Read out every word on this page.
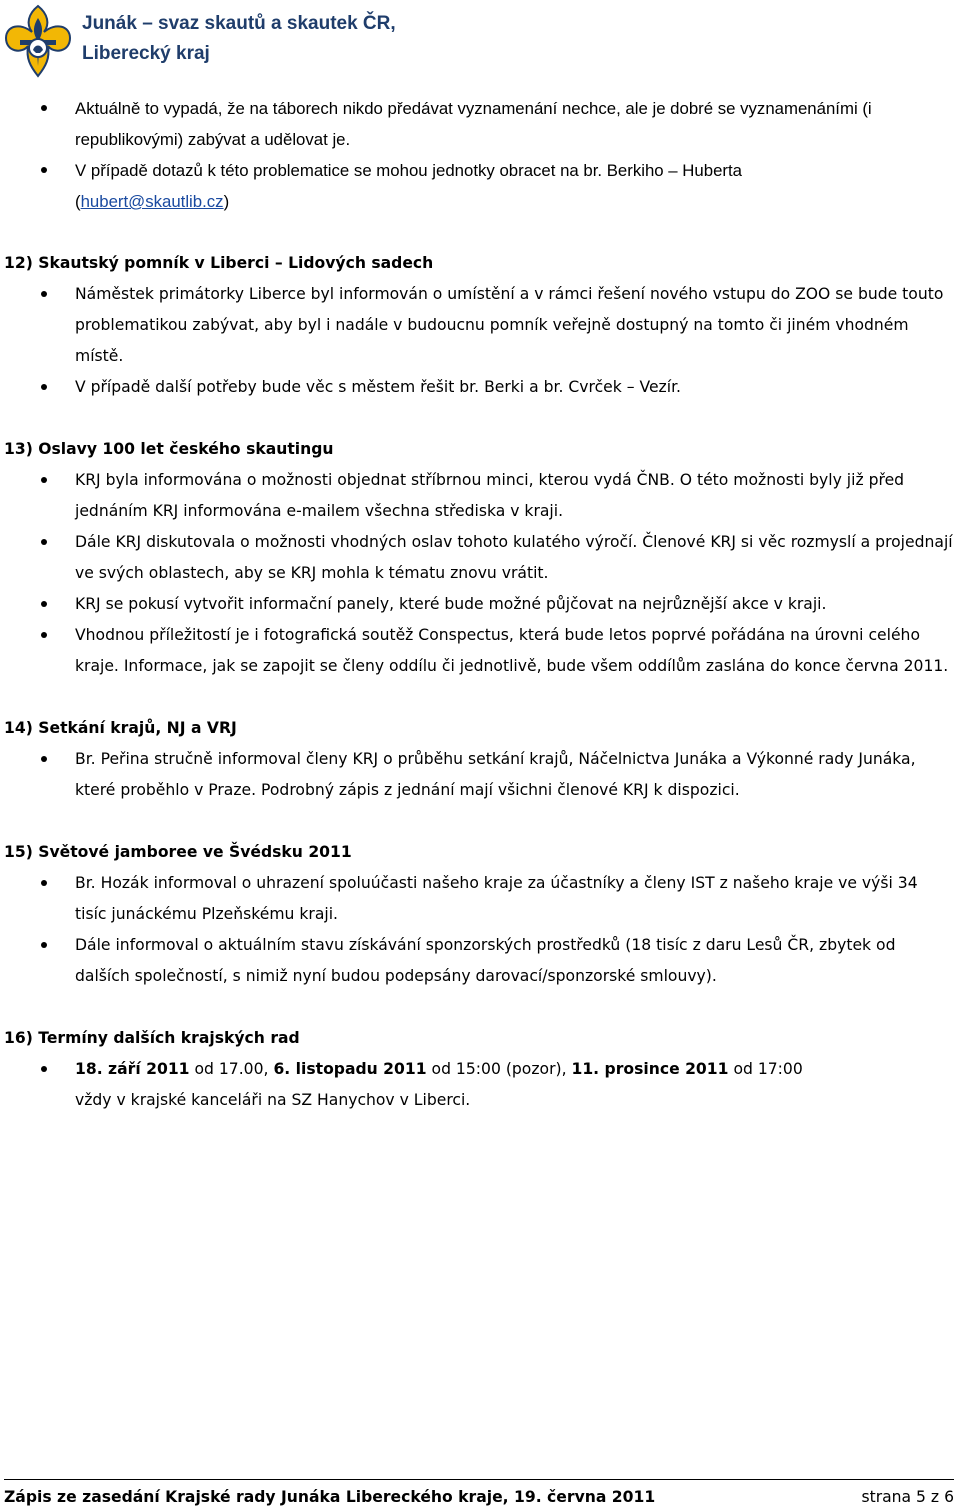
Junák – svaz skautů a skautek ČR,
Liberecký kraj
Aktuálně to vypadá, že na táborech nikdo předávat vyznamenání nechce, ale je dobré se vyznamenáními (i republikovými) zabývat a udělovat je.
V případě dotazů k této problematice se mohou jednotky obracet na br. Berkiho – Huberta
(hubert@skautlib.cz)
12) Skautský pomník v Liberci – Lidových sadech
Náměstek primátorky Liberce byl informován o umístění a v rámci řešení nového vstupu do ZOO se bude touto problematikou zabývat, aby byl i nadále v budoucnu pomník veřejně dostupný na tomto či jiném vhodném místě.
V případě další potřeby bude věc s městem řešit br. Berki a br. Cvrček – Vezír.
13) Oslavy 100 let českého skautingu
KRJ byla informována o možnosti objednat stříbrnou minci, kterou vydá ČNB. O této možnosti byly již před jednáním KRJ informována e-mailem všechna střediska v kraji.
Dále KRJ diskutovala o možnosti vhodných oslav tohoto kulatého výročí. Členové KRJ si věc rozmyslí a projednají ve svých oblastech, aby se KRJ mohla k tématu znovu vrátit.
KRJ se pokusí vytvořit informační panely, které bude možné půjčovat na nejrůznější akce v kraji.
Vhodnou příležitostí je i fotografická soutěž Conspectus, která bude letos poprvé pořádána na úrovni celého kraje. Informace, jak se zapojit se členy oddílu či jednotlivě, bude všem oddílům zaslána do konce června 2011.
14) Setkání krajů, NJ a VRJ
Br. Peřina stručně informoval členy KRJ o průběhu setkání krajů, Náčelnictva Junáka a Výkonné rady Junáka, které proběhlo v Praze. Podrobný zápis z jednání mají všichni členové KRJ k dispozici.
15) Světové jamboree ve Švédsku 2011
Br. Hozák informoval o uhrazení spoluúčasti našeho kraje za účastníky a členy IST z našeho kraje ve výši 34 tisíc junáckému Plzeňskému kraji.
Dále informoval o aktuálním stavu získávání sponzorských prostředků (18 tisíc z daru Lesů ČR, zbytek od dalších společností, s nimiž nyní budou podepsány darovací/sponzorské smlouvy).
16) Termíny dalších krajských rad
18. září 2011 od 17.00, 6. listopadu 2011 od 15:00 (pozor), 11. prosince 2011 od 17:00
vždy v krajské kanceláři na SZ Hanychov v Liberci.
Zápis ze zasedání Krajské rady Junáka Libereckého kraje, 19. června 2011	strana 5 z 6
